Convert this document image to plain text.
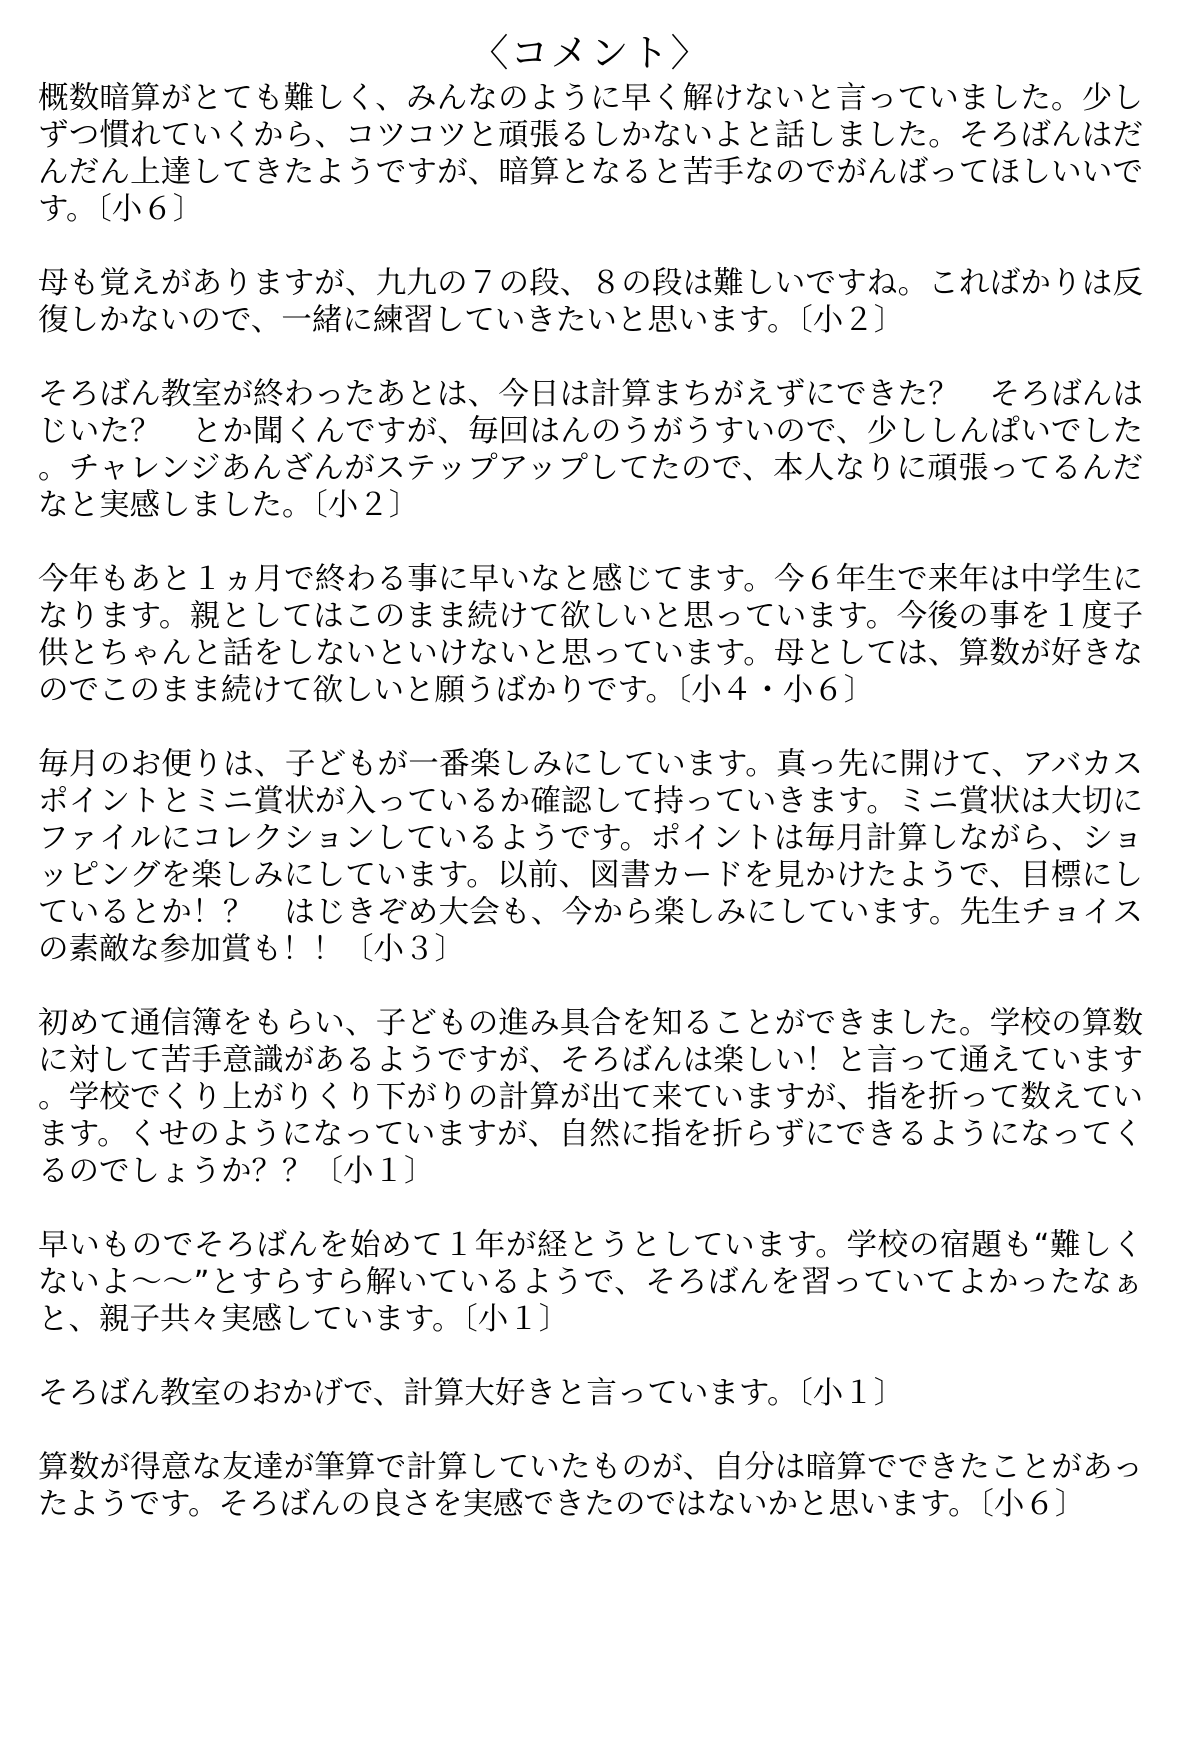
〈コメント〉

概数暗算がとても難しく、みんなのように早く解けないと言っていました。少しずつ慣れていくから、コツコツと頑張るしかないよと話しました。そろばんはだんだん上達してきたようですが、暗算となると苦手なのでがんばってほしいいです。〔小６〕

母も覚えがありますが、九九の７の段、８の段は難しいですね。こればかりは反復しかないので、一緒に練習していきたいと思います。〔小２〕

そろばん教室が終わったあとは、今日は計算まちがえずにできた？　そろばんはじいた？　とか聞くんですが、毎回はんのうがうすいので、少ししんぱいでした。チャレンジあんざんがステップアップしてたので、本人なりに頑張ってるんだなと実感しました。〔小２〕

今年もあと１ヵ月で終わる事に早いなと感じてます。今６年生で来年は中学生になります。親としてはこのまま続けて欲しいと思っています。今後の事を１度子供とちゃんと話をしないといけないと思っています。母としては、算数が好きなのでこのまま続けて欲しいと願うばかりです。〔小４・小６〕

毎月のお便りは、子どもが一番楽しみにしています。真っ先に開けて、アバカスポイントとミニ賞状が入っているか確認して持っていきます。ミニ賞状は大切にファイルにコレクションしているようです。ポイントは毎月計算しながら、ショッピングを楽しみにしています。以前、図書カードを見かけたようで、目標にしているとか！？　はじきぞめ大会も、今から楽しみにしています。先生チョイスの素敵な参加賞も！！〔小３〕

初めて通信簿をもらい、子どもの進み具合を知ることができました。学校の算数に対して苦手意識があるようですが、そろばんは楽しい！と言って通えています。学校でくり上がりくり下がりの計算が出て来ていますが、指を折って数えています。くせのようになっていますが、自然に指を折らずにできるようになってくるのでしょうか？？〔小１〕

早いものでそろばんを始めて１年が経とうとしています。学校の宿題も“難しくないよ〜〜”とすらすら解いているようで、そろばんを習っていてよかったなぁと、親子共々実感しています。〔小１〕

そろばん教室のおかげで、計算大好きと言っています。〔小１〕

算数が得意な友達が筆算で計算していたものが、自分は暗算でできたことがあったようです。そろばんの良さを実感できたのではないかと思います。〔小６〕
